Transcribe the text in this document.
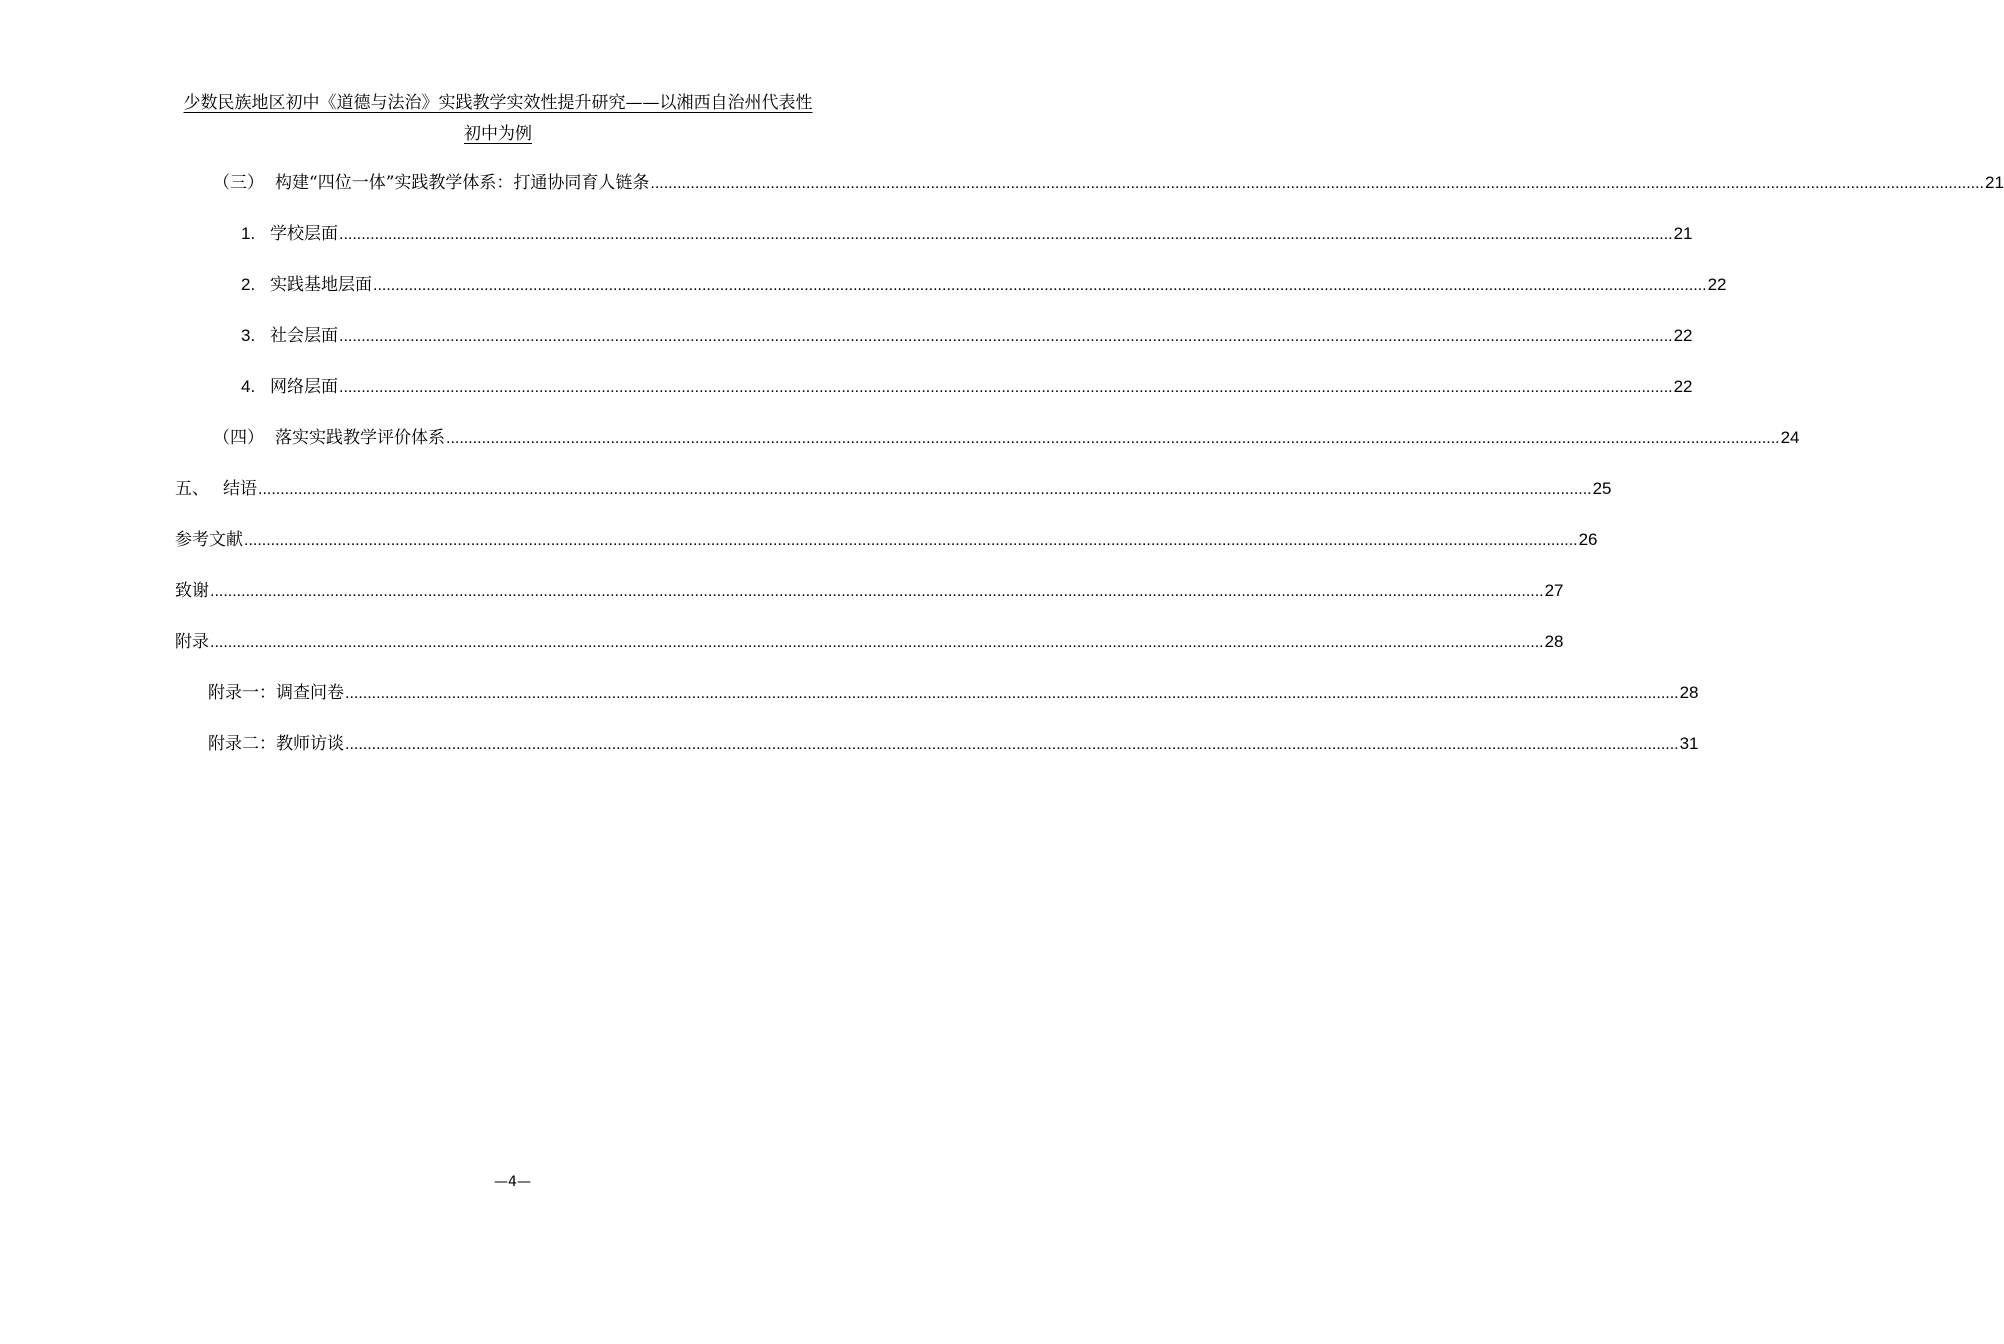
少数民族地区初中《道德与法治》实践教学实效性提升研究——以湘西自治州代表性
初中为例
（三） 构建“四位一体”实践教学体系：打通协同育人链条 ............................................................................................................................................................................................................................................................................................................ 21
1. 学校层面 ............................................................................................................................................................................................................................................................................................................ 21
2. 实践基地层面 ............................................................................................................................................................................................................................................................................................................ 22
3. 社会层面 ............................................................................................................................................................................................................................................................................................................ 22
4. 网络层面 ............................................................................................................................................................................................................................................................................................................ 22
（四） 落实实践教学评价体系 ............................................................................................................................................................................................................................................................................................................ 24
五、 结语 ............................................................................................................................................................................................................................................................................................................ 25
参考文献 ............................................................................................................................................................................................................................................................................................................ 26
致谢 ............................................................................................................................................................................................................................................................................................................ 27
附录 ............................................................................................................................................................................................................................................................................................................ 28
附录一：调查问卷 ............................................................................................................................................................................................................................................................................................................ 28
附录二：教师访谈 ............................................................................................................................................................................................................................................................................................................ 31
—4—
